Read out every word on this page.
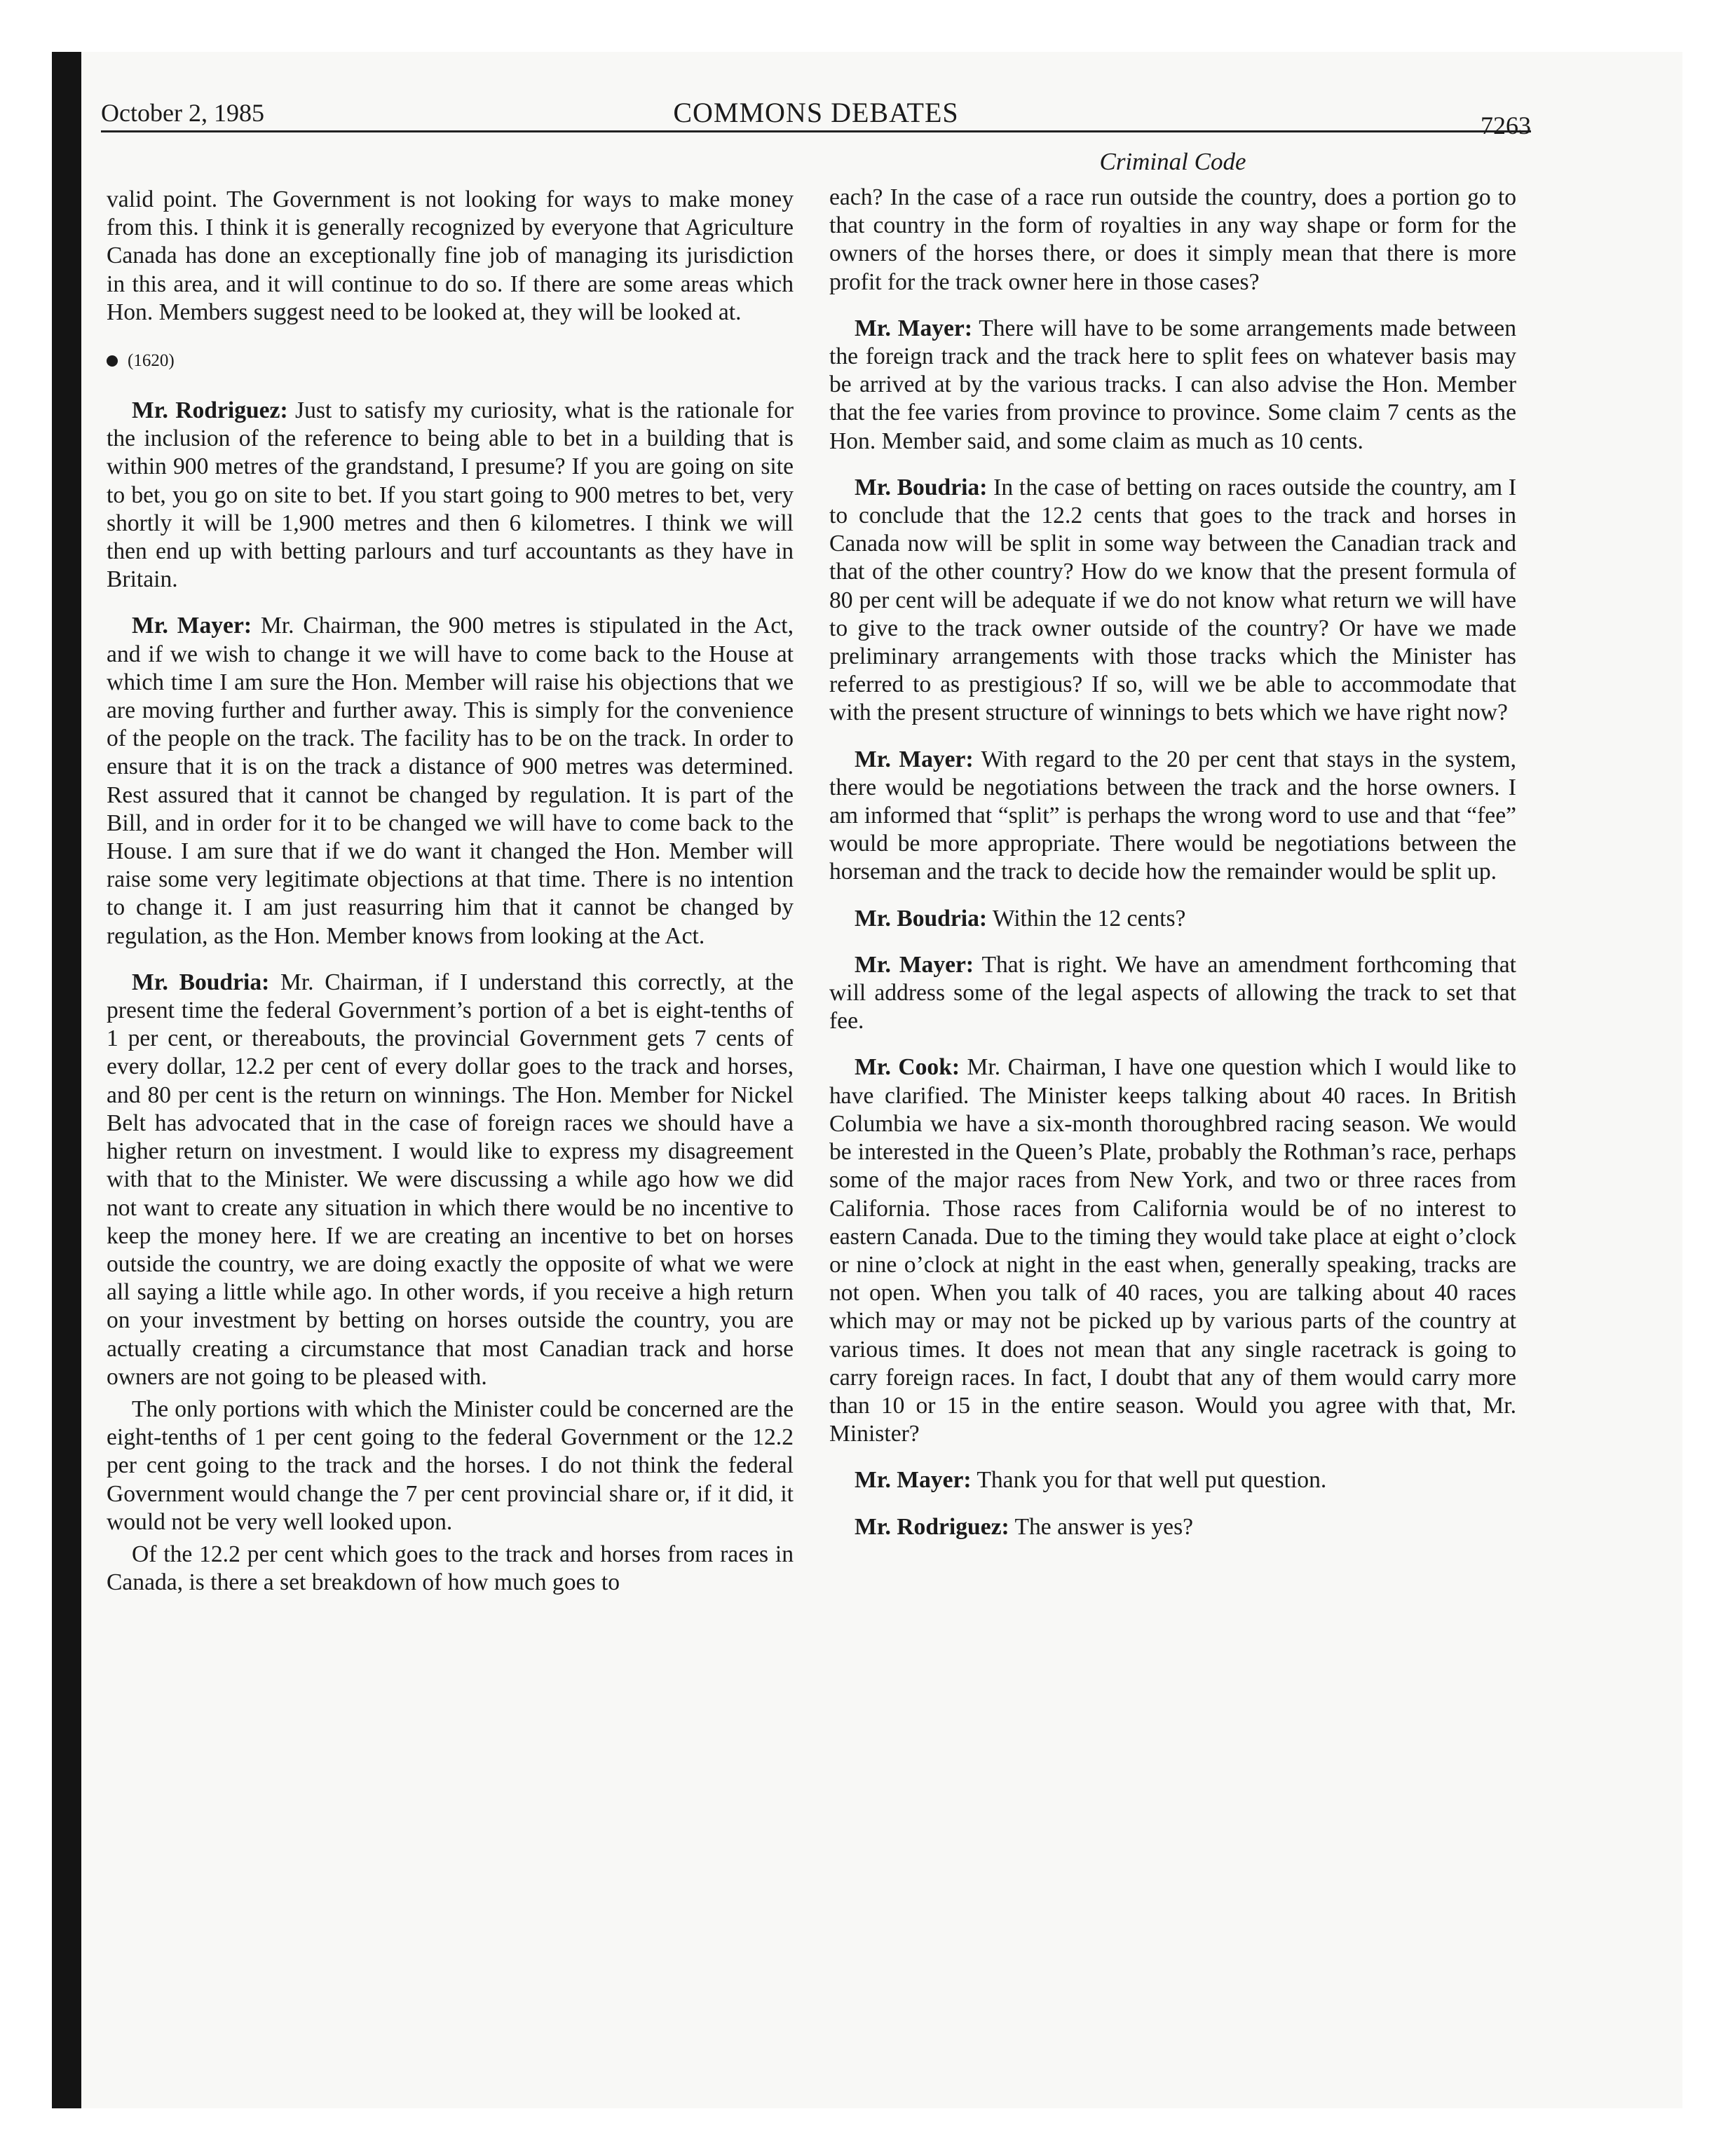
October 2, 1985	COMMONS DEBATES	7263

valid point. The Government is not looking for ways to make money from this. I think it is generally recognized by everyone that Agriculture Canada has done an exceptionally fine job of managing its jurisdiction in this area, and it will continue to do so. If there are some areas which Hon. Members suggest need to be looked at, they will be looked at.

(1620)

Mr. Rodriguez: Just to satisfy my curiosity, what is the rationale for the inclusion of the reference to being able to bet in a building that is within 900 metres of the grandstand, I presume? If you are going on site to bet, you go on site to bet. If you start going to 900 metres to bet, very shortly it will be 1,900 metres and then 6 kilometres. I think we will then end up with betting parlours and turf accountants as they have in Britain.

Mr. Mayer: Mr. Chairman, the 900 metres is stipulated in the Act, and if we wish to change it we will have to come back to the House at which time I am sure the Hon. Member will raise his objections that we are moving further and further away. This is simply for the convenience of the people on the track. The facility has to be on the track. In order to ensure that it is on the track a distance of 900 metres was determined. Rest assured that it cannot be changed by regulation. It is part of the Bill, and in order for it to be changed we will have to come back to the House. I am sure that if we do want it changed the Hon. Member will raise some very legitimate objections at that time. There is no intention to change it. I am just reasurring him that it cannot be changed by regulation, as the Hon. Member knows from looking at the Act.

Mr. Boudria: Mr. Chairman, if I understand this correctly, at the present time the federal Government’s portion of a bet is eight-tenths of 1 per cent, or thereabouts, the provincial Government gets 7 cents of every dollar, 12.2 per cent of every dollar goes to the track and horses, and 80 per cent is the return on winnings. The Hon. Member for Nickel Belt has advocated that in the case of foreign races we should have a higher return on investment. I would like to express my disagreement with that to the Minister. We were discussing a while ago how we did not want to create any situation in which there would be no incentive to keep the money here. If we are creating an incentive to bet on horses outside the country, we are doing exactly the opposite of what we were all saying a little while ago. In other words, if you receive a high return on your investment by betting on horses outside the country, you are actually creating a circumstance that most Canadian track and horse owners are not going to be pleased with.

The only portions with which the Minister could be concerned are the eight-tenths of 1 per cent going to the federal Government or the 12.2 per cent going to the track and the horses. I do not think the federal Government would change the 7 per cent provincial share or, if it did, it would not be very well looked upon.

Of the 12.2 per cent which goes to the track and horses from races in Canada, is there a set breakdown of how much goes to

Criminal Code

each? In the case of a race run outside the country, does a portion go to that country in the form of royalties in any way shape or form for the owners of the horses there, or does it simply mean that there is more profit for the track owner here in those cases?

Mr. Mayer: There will have to be some arrangements made between the foreign track and the track here to split fees on whatever basis may be arrived at by the various tracks. I can also advise the Hon. Member that the fee varies from province to province. Some claim 7 cents as the Hon. Member said, and some claim as much as 10 cents.

Mr. Boudria: In the case of betting on races outside the country, am I to conclude that the 12.2 cents that goes to the track and horses in Canada now will be split in some way between the Canadian track and that of the other country? How do we know that the present formula of 80 per cent will be adequate if we do not know what return we will have to give to the track owner outside of the country? Or have we made preliminary arrangements with those tracks which the Minister has referred to as prestigious? If so, will we be able to accommodate that with the present structure of winnings to bets which we have right now?

Mr. Mayer: With regard to the 20 per cent that stays in the system, there would be negotiations between the track and the horse owners. I am informed that “split” is perhaps the wrong word to use and that “fee” would be more appropriate. There would be negotiations between the horseman and the track to decide how the remainder would be split up.

Mr. Boudria: Within the 12 cents?

Mr. Mayer: That is right. We have an amendment forthcoming that will address some of the legal aspects of allowing the track to set that fee.

Mr. Cook: Mr. Chairman, I have one question which I would like to have clarified. The Minister keeps talking about 40 races. In British Columbia we have a six-month thoroughbred racing season. We would be interested in the Queen’s Plate, probably the Rothman’s race, perhaps some of the major races from New York, and two or three races from California. Those races from California would be of no interest to eastern Canada. Due to the timing they would take place at eight o’clock or nine o’clock at night in the east when, generally speaking, tracks are not open. When you talk of 40 races, you are talking about 40 races which may or may not be picked up by various parts of the country at various times. It does not mean that any single racetrack is going to carry foreign races. In fact, I doubt that any of them would carry more than 10 or 15 in the entire season. Would you agree with that, Mr. Minister?

Mr. Mayer: Thank you for that well put question.

Mr. Rodriguez: The answer is yes?
